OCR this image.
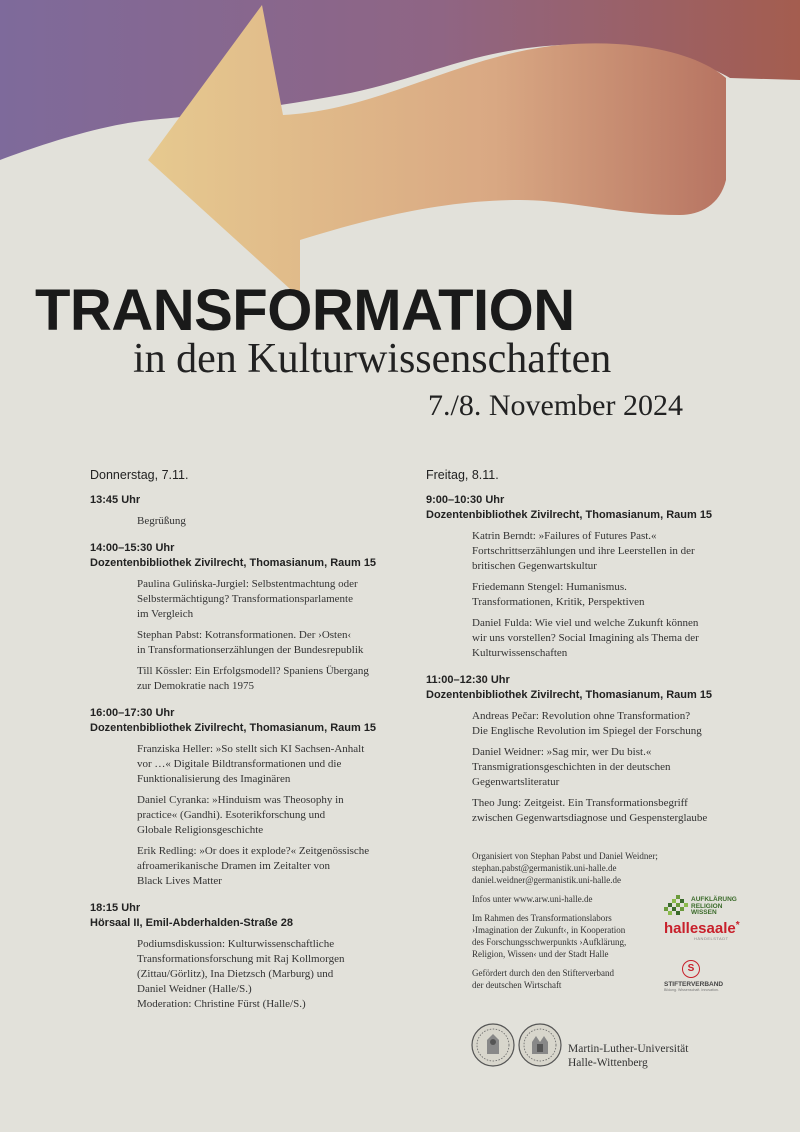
TRANSFORMATION
in den Kulturwissenschaften
7./8. November 2024
Donnerstag, 7.11.
13:45 Uhr
Begrüßung
14:00–15:30 Uhr
Dozentenbibliothek Zivilrecht, Thomasianum, Raum 15
Paulina Gulińska-Jurgiel: Selbstentmachtung oder
Selbstermächtigung? Transformationsparlamente
im Vergleich
Stephan Pabst: Kotransformationen. Der ›Osten‹
in Transformationserzählungen der Bundesrepublik
Till Kössler: Ein Erfolgsmodell? Spaniens Übergang
zur Demokratie nach 1975
16:00–17:30 Uhr
Dozentenbibliothek Zivilrecht, Thomasianum, Raum 15
Franziska Heller: »So stellt sich KI Sachsen-Anhalt
vor …« Digitale Bildtransformationen und die
Funktionalisierung des Imaginären
Daniel Cyranka: »Hinduism was Theosophy in
practice« (Gandhi). Esoterikforschung und
Globale Religionsgeschichte
Erik Redling: »Or does it explode?« Zeitgenössische
afroamerikanische Dramen im Zeitalter von
Black Lives Matter
18:15 Uhr
Hörsaal II, Emil-Abderhalden-Straße 28
Podiumsdiskussion: Kulturwissenschaftliche
Transformationsforschung mit Raj Kollmorgen
(Zittau/Görlitz), Ina Dietzsch (Marburg) und
Daniel Weidner (Halle/S.)
Moderation: Christine Fürst (Halle/S.)
Freitag, 8.11.
9:00–10:30 Uhr
Dozentenbibliothek Zivilrecht, Thomasianum, Raum 15
Katrin Berndt: »Failures of Futures Past.«
Fortschrittserzählungen und ihre Leerstellen in der
britischen Gegenwartskultur
Friedemann Stengel: Humanismus.
Transformationen, Kritik, Perspektiven
Daniel Fulda: Wie viel und welche Zukunft können
wir uns vorstellen? Social Imagining als Thema der
Kulturwissenschaften
11:00–12:30 Uhr
Dozentenbibliothek Zivilrecht, Thomasianum, Raum 15
Andreas Pečar: Revolution ohne Transformation?
Die Englische Revolution im Spiegel der Forschung
Daniel Weidner: »Sag mir, wer Du bist.«
Transmigrationsgeschichten in der deutschen
Gegenwartsliteratur
Theo Jung: Zeitgeist. Ein Transformationsbegriff
zwischen Gegenwartsdiagnose und Gespensterglaube

Organisiert von Stephan Pabst und Daniel Weidner;
stephan.pabst@germanistik.uni-halle.de
daniel.weidner@germanistik.uni-halle.de

Infos unter www.arw.uni-halle.de

Im Rahmen des Transformationslabors
›Imagination der Zukunft‹, in Kooperation
des Forschungsschwerpunkts ›Aufklärung,
Religion, Wissen‹ und der Stadt Halle

Gefördert durch den den Stifterverband
der deutschen Wirtschaft

AUFKLÄRUNG
RELIGION
WISSEN
hallesaale*
HÄNDELSTADT
S
STIFTERVERBAND
Bildung. Wissenschaft. Innovation.
Martin-Luther-Universität
Halle-Wittenberg
